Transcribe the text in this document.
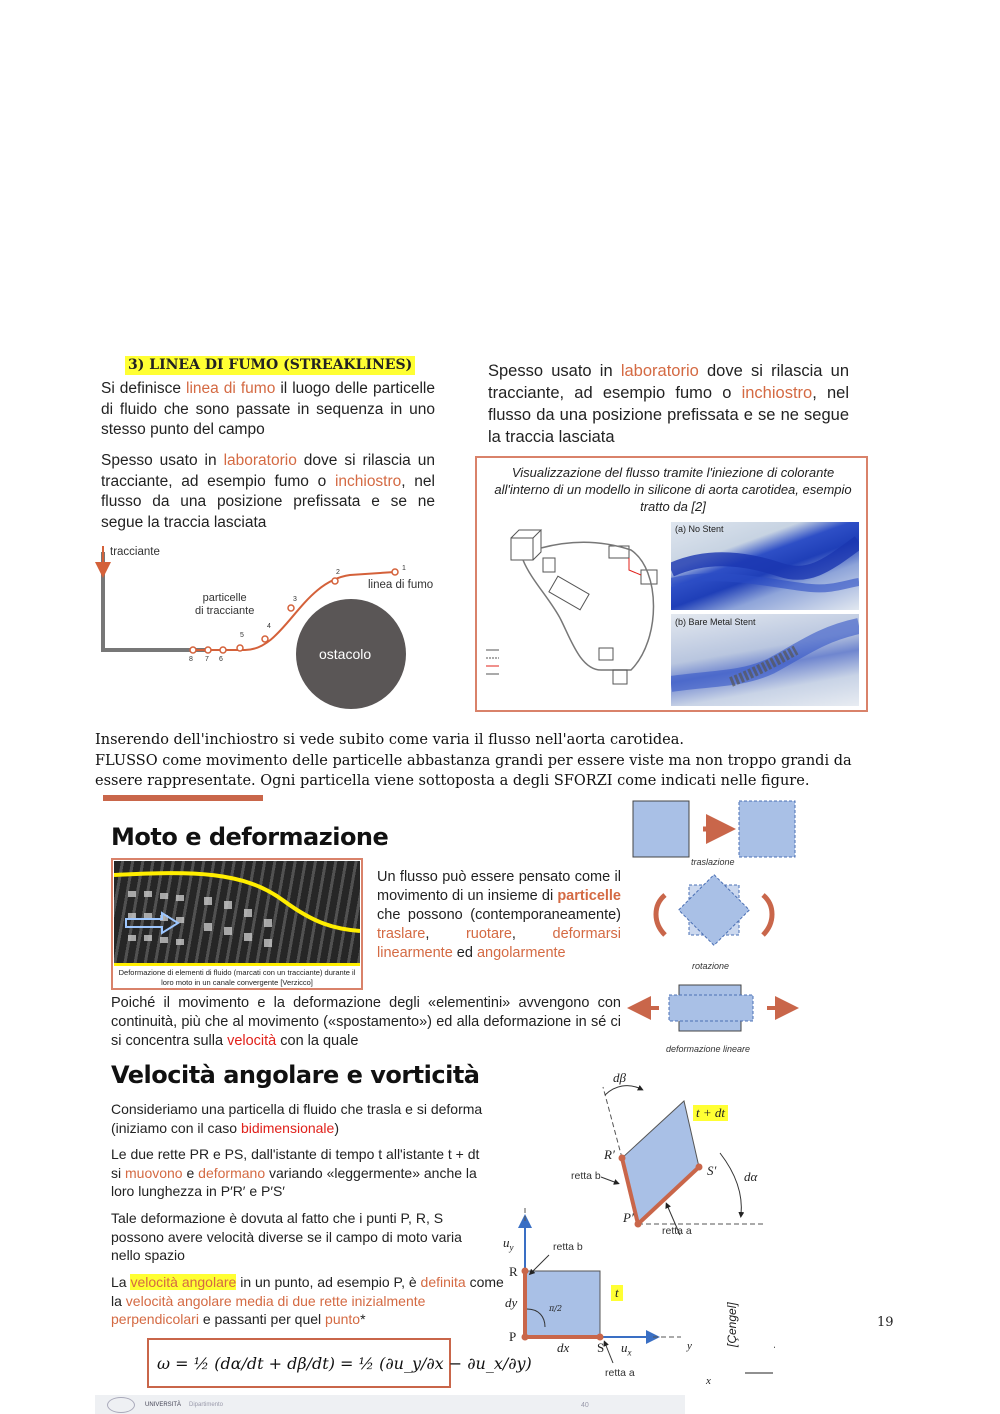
3) LINEA DI FUMO (STREAKLINES)
Si definisce linea di fumo il luogo delle particelle di fluido che sono passate in sequenza in uno stesso punto del campo
Spesso usato in laboratorio dove si rilascia un tracciante, ad esempio fumo o inchiostro, nel flusso da una posizione prefissata e se ne segue la traccia lasciata
tracciante
particelle
di tracciante
linea di fumo
ostacolo
1
2
3
4
5
6
7
8
Spesso usato in laboratorio dove si rilascia un tracciante, ad esempio fumo o inchiostro, nel flusso da una posizione prefissata e se ne segue la traccia lasciata
Visualizzazione del flusso tramite l'iniezione di colorante all'interno di un modello in silicone di aorta carotidea, esempio tratto da [2]
(a) No Stent
(b) Bare Metal Stent
Inserendo dell'inchiostro si vede subito come varia il flusso nell'aorta carotidea.
FLUSSO come movimento delle particelle abbastanza grandi per essere viste ma non troppo grandi da essere rappresentate. Ogni particella viene sottoposta a degli SFORZI come indicati nelle figure.
Moto e deformazione
Deformazione di elementi di fluido (marcati con un tracciante) durante il loro moto in un canale convergente [Verzicco]
Un flusso può essere pensato come il movimento di un insieme di particelle che possono (contemporaneamente) traslare, ruotare, deformarsi linearmente ed angolarmente
Poiché il movimento e la deformazione degli «elementini» avvengono con continuità, più che al movimento («spostamento») ed alla deformazione in sé ci si concentra sulla velocità con la quale
traslazione
rotazione
deformazione lineare
Velocità angolare e vorticità
Consideriamo una particella di fluido che trasla e si deforma (iniziamo con il caso bidimensionale)
Le due rette PR e PS, dall'istante di tempo t all'istante t + dt si muovono e deformano variando «leggermente» anche la loro lunghezza in P′R′ e P′S′
Tale deformazione è dovuta al fatto che i punti P, R, S possono avere velocità diverse se il campo di moto varia nello spazio
La velocità angolare in un punto, ad esempio P, è definita come la velocità angolare media di due rette inizialmente perpendicolari e passanti per quel punto*
ω = ½ (dα/dt + dβ/dt) = ½ (∂u_y/∂x − ∂u_x/∂y)
UNIVERSITÀ Dipartimento	40
dβ
t + dt
R′
S′ dα
P′
retta b
retta a
$u_y$	retta b
R
dy	π/2
t
P
dx S $u_x$
retta a
y
x
[Çengel]	19
